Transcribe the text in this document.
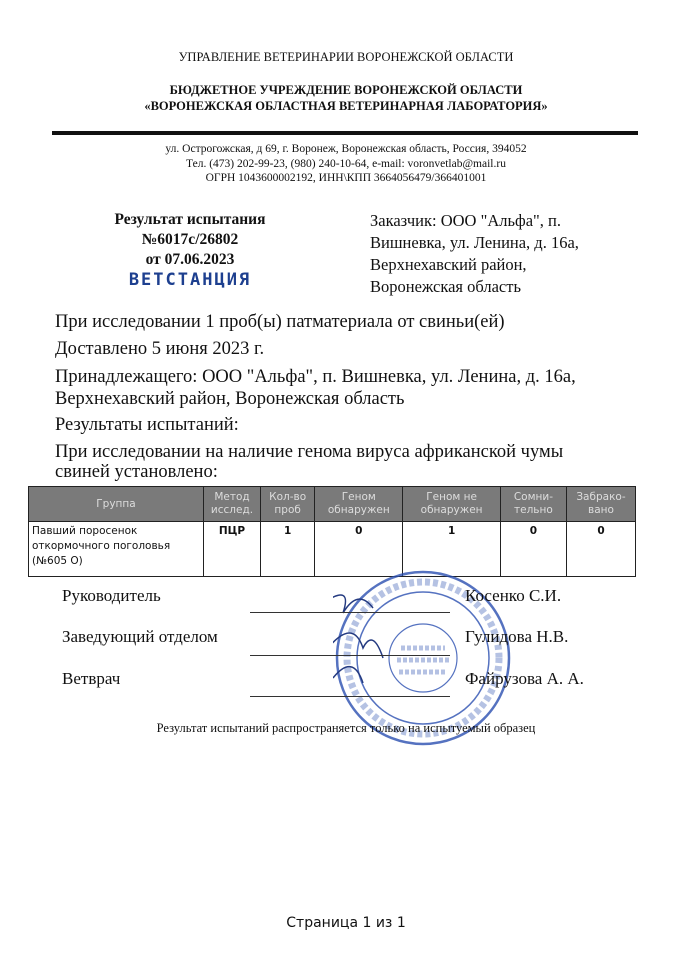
УПРАВЛЕНИЕ ВЕТЕРИНАРИИ ВОРОНЕЖСКОЙ ОБЛАСТИ
БЮДЖЕТНОЕ УЧРЕЖДЕНИЕ ВОРОНЕЖСКОЙ ОБЛАСТИ
«ВОРОНЕЖСКАЯ ОБЛАСТНАЯ ВЕТЕРИНАРНАЯ ЛАБОРАТОРИЯ»
ул. Острогожская, д 69, г. Воронеж, Воронежская область, Россия, 394052
Тел. (473) 202-99-23, (980) 240-10-64, e-mail: voronvetlab@mail.ru
ОГРН 1043600002192, ИНН\КПП 3664056479/366401001
Результат испытания
№6017с/26802
от 07.06.2023
ВЕТСТАНЦИЯ
Заказчик: ООО "Альфа", п.
Вишневка, ул. Ленина, д. 16а,
Верхнехавский район,
Воронежская область
При исследовании 1 проб(ы) патматериала от свиньи(ей)
Доставлено 5 июня 2023 г.
Принадлежащего: ООО "Альфа", п. Вишневка, ул. Ленина, д. 16а,
Верхнехавский район, Воронежская область
Результаты испытаний:
При исследовании на наличие генома вируса африканской чумы
свиней установлено:
Группа	Метод исслед.	Кол-во проб	Геном обнаружен	Геном не обнаружен	Сомни-тельно	Забрако-вано
Павший поросенок откормочного поголовья (№605 О)	ПЦР	1	0	1	0	0
Руководитель	Косенко С.И.
Заведующий отделом	Гулидова Н.В.
Ветврач	Файрузова А. А.
Результат испытаний распространяется только на испытуемый образец
Страница 1 из 1
